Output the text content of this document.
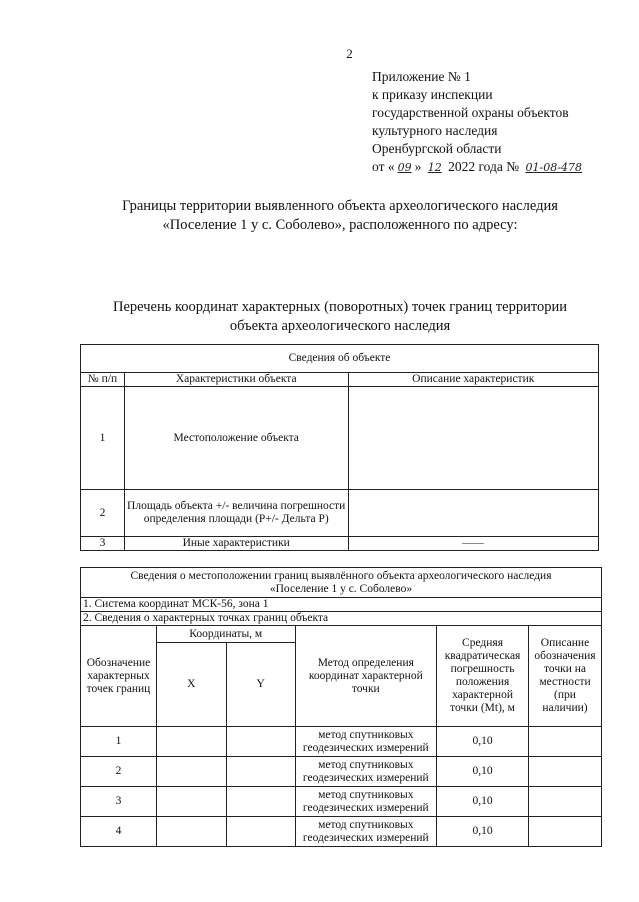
2
Приложение № 1
к приказу инспекции
государственной охраны объектов
культурного наследия
Оренбургской области
от « 09 » 12 2022 года № 01-08-478
Границы территории выявленного объекта археологического наследия
«Поселение 1 у с. Соболево», расположенного по адресу:
Перечень координат характерных (поворотных) точек границ территории
объекта археологического наследия
Сведения об объекте		
№ п/п	Характеристики объекта	Описание характеристик
1	Местоположение объекта	
2	Площадь объекта +/- величина погрешности определения площади (Р+/- Дельта Р)	
3	Иные характеристики	
Сведения о местоположении границ выявлённого объекта археологического наследия
«Поселение 1 у с. Соболево»					

1. Система координат МСК-56, зона 1					
2. Сведения о характерных точках границ объекта					
Обозначение характерных точек границ	Координаты, м		Метод определения координат характерной точки	Средняя квадратическая погрешность положения характерной точки (Mt), м	Описание обозначения точки на местности (при наличии)
	X	Y			
1			метод спутниковых геодезических измерений	0,10	
2			метод спутниковых геодезических измерений	0,10	
3			метод спутниковых геодезических измерений	0,10	
4			метод спутниковых геодезических измерений	0,10	
